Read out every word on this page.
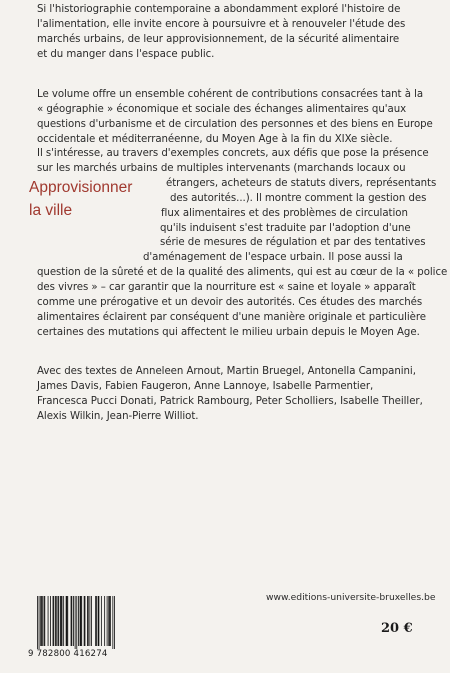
Si l'historiographie contemporaine a abondamment exploré l'histoire de
l'alimentation, elle invite encore à poursuivre et à renouveler l'étude des
marchés urbains, de leur approvisionnement, de la sécurité alimentaire
et du manger dans l'espace public.
Le volume offre un ensemble cohérent de contributions consacrées tant à la
« géographie » économique et sociale des échanges alimentaires qu'aux
questions d'urbanisme et de circulation des personnes et des biens en Europe
occidentale et méditerranéenne, du Moyen Age à la fin du XIXe siècle.
Il s'intéresse, au travers d'exemples concrets, aux défis que pose la présence
sur les marchés urbains de multiples intervenants (marchands locaux ou
étrangers, acheteurs de statuts divers, représentants
des autorités...). Il montre comment la gestion des
flux alimentaires et des problèmes de circulation
qu'ils induisent s'est traduite par l'adoption d'une
série de mesures de régulation et par des tentatives
d'aménagement de l'espace urbain. Il pose aussi la
question de la sûreté et de la qualité des aliments, qui est au cœur de la « police
des vivres » – car garantir que la nourriture est « saine et loyale » apparaît
comme une prérogative et un devoir des autorités. Ces études des marchés
alimentaires éclairent par conséquent d'une manière originale et particulière
certaines des mutations qui affectent le milieu urbain depuis le Moyen Age.
Approvisionner
la ville
Avec des textes de Anneleen Arnout, Martin Bruegel, Antonella Campanini,
James Davis, Fabien Faugeron, Anne Lannoye, Isabelle Parmentier,
Francesca Pucci Donati, Patrick Rambourg, Peter Scholliers, Isabelle Theiller,
Alexis Wilkin, Jean-Pierre Williot.
www.editions-universite-bruxelles.be
9 782800 416274
20 €
